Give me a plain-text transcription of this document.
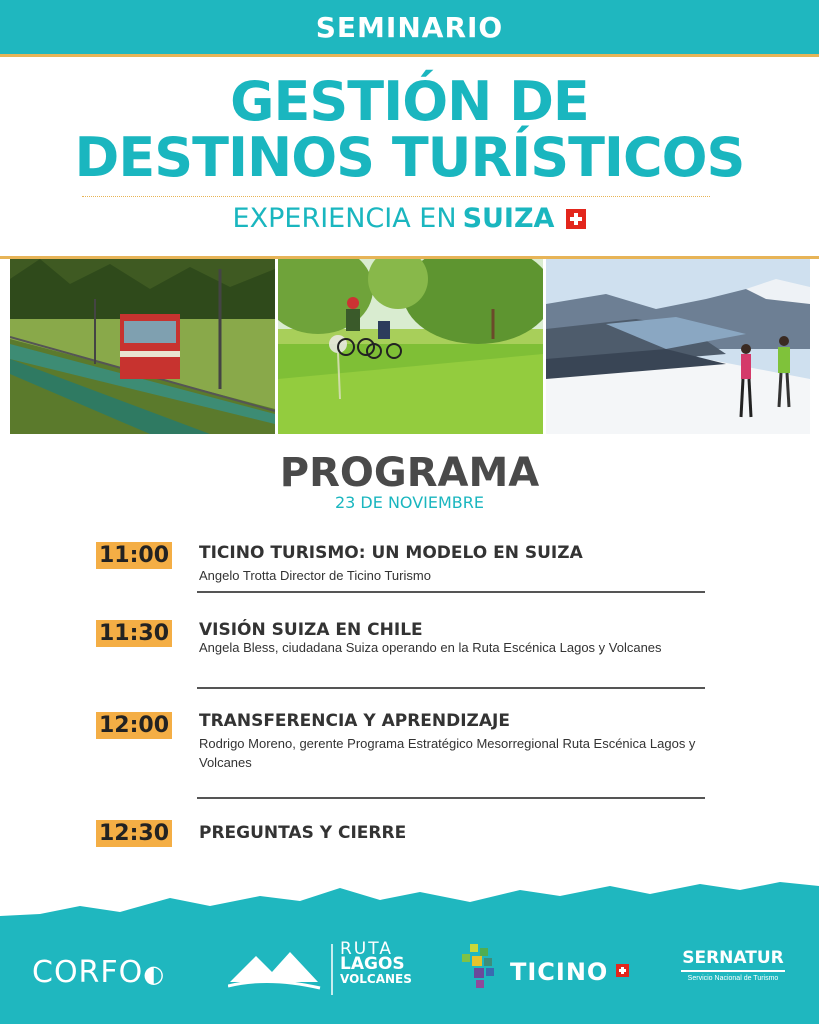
SEMINARIO
GESTIÓN DE
DESTINOS TURÍSTICOS
EXPERIENCIA EN SUIZA
PROGRAMA
23 DE NOVIEMBRE
11:00 TICINO TURISMO: UN MODELO EN SUIZA
Angelo Trotta Director de Ticino Turismo
11:30 VISIÓN SUIZA EN CHILE
Angela Bless, ciudadana Suiza operando en la Ruta Escénica Lagos y Volcanes
12:00 TRANSFERENCIA Y APRENDIZAJE
Rodrigo Moreno, gerente Programa Estratégico Mesorregional Ruta Escénica Lagos y Volcanes
12:30 PREGUNTAS Y CIERRE
CORFO◐
RUTA
LAGOS
VOLCANES	TICINO	SERNATUR
Servicio Nacional de Turismo
